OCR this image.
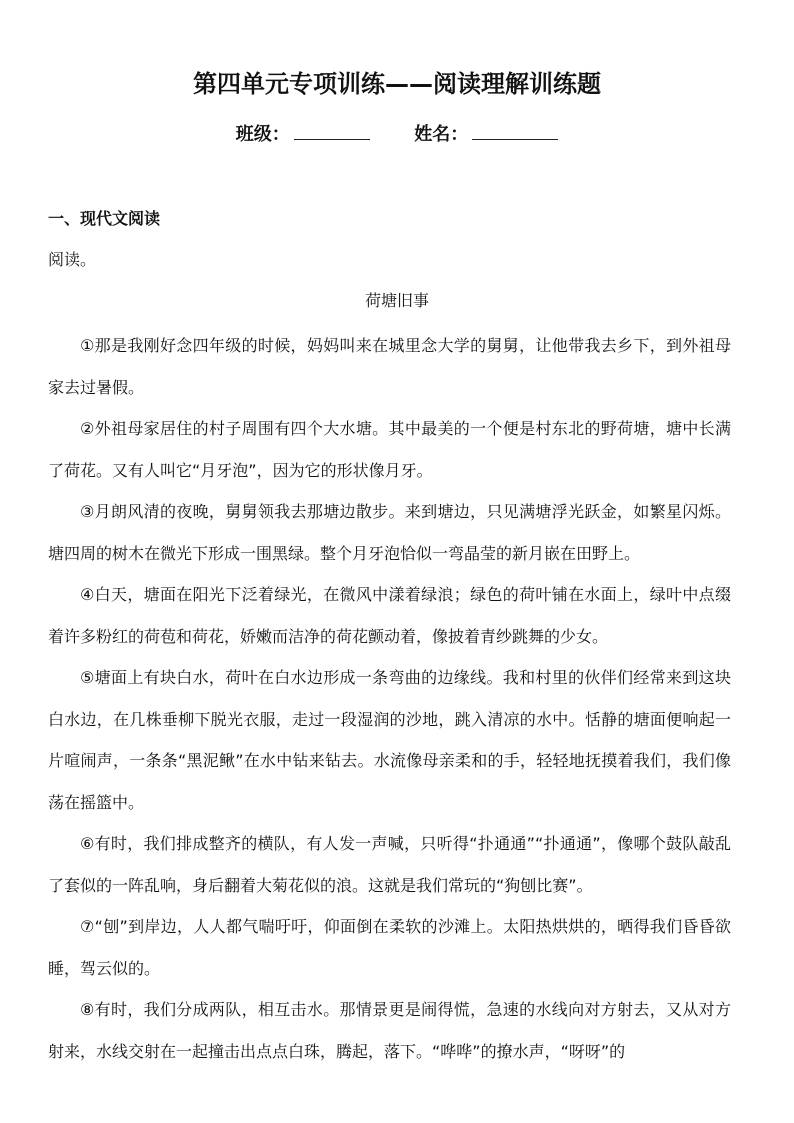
第四单元专项训练——阅读理解训练题
班级：	姓名：
一、现代文阅读
阅读。
荷塘旧事

①那是我刚好念四年级的时候，妈妈叫来在城里念大学的舅舅，让他带我去乡下，到外祖母家去过暑假。

②外祖母家居住的村子周围有四个大水塘。其中最美的一个便是村东北的野荷塘，塘中长满了荷花。又有人叫它“月牙泡”，因为它的形状像月牙。

③月朗风清的夜晚，舅舅领我去那塘边散步。来到塘边，只见满塘浮光跃金，如繁星闪烁。塘四周的树木在微光下形成一围黑绿。整个月牙泡恰似一弯晶莹的新月嵌在田野上。

④白天，塘面在阳光下泛着绿光，在微风中漾着绿浪；绿色的荷叶铺在水面上，绿叶中点缀着许多粉红的荷苞和荷花，娇嫩而洁净的荷花颤动着，像披着青纱跳舞的少女。

⑤塘面上有块白水，荷叶在白水边形成一条弯曲的边缘线。我和村里的伙伴们经常来到这块白水边，在几株垂柳下脱光衣服，走过一段湿润的沙地，跳入清凉的水中。恬静的塘面便响起一片喧闹声，一条条“黑泥鳅”在水中钻来钻去。水流像母亲柔和的手，轻轻地抚摸着我们，我们像荡在摇篮中。

⑥有时，我们排成整齐的横队，有人发一声喊，只听得“扑通通”“扑通通”，像哪个鼓队敲乱了套似的一阵乱响，身后翻着大菊花似的浪。这就是我们常玩的“狗刨比赛”。

⑦“刨”到岸边，人人都气喘吁吁，仰面倒在柔软的沙滩上。太阳热烘烘的，晒得我们昏昏欲睡，驾云似的。

⑧有时，我们分成两队，相互击水。那情景更是闹得慌，急速的水线向对方射去，又从对方射来，水线交射在一起撞击出点点白珠，腾起，落下。“哗哗”的撩水声，“呀呀”的
